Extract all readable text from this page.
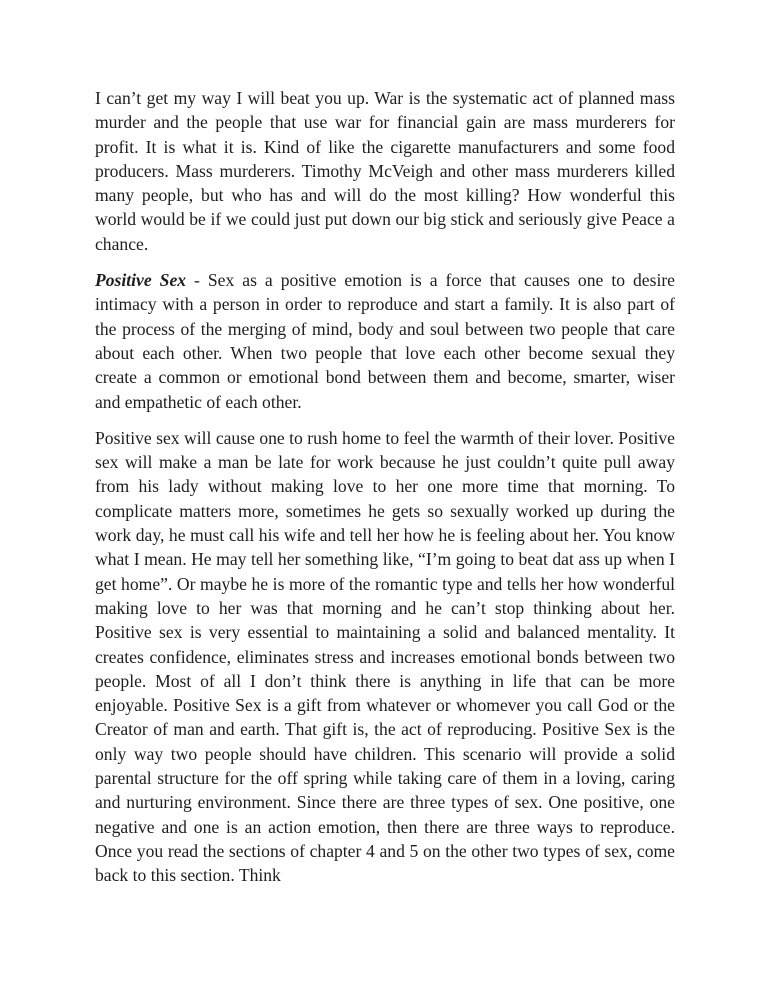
I can’t get my way I will beat you up. War is the systematic act of planned mass murder and the people that use war for financial gain are mass murderers for profit. It is what it is. Kind of like the cigarette manufacturers and some food producers. Mass murderers. Timothy McVeigh and other mass murderers killed many people, but who has and will do the most killing? How wonderful this world would be if we could just put down our big stick and seriously give Peace a chance.

Positive Sex - Sex as a positive emotion is a force that causes one to desire intimacy with a person in order to reproduce and start a family. It is also part of the process of the merging of mind, body and soul between two people that care about each other. When two people that love each other become sexual they create a common or emotional bond between them and become, smarter, wiser and empathetic of each other.

Positive sex will cause one to rush home to feel the warmth of their lover. Positive sex will make a man be late for work because he just couldn’t quite pull away from his lady without making love to her one more time that morning. To complicate matters more, sometimes he gets so sexually worked up during the work day, he must call his wife and tell her how he is feeling about her. You know what I mean. He may tell her something like, “I’m going to beat dat ass up when I get home”. Or maybe he is more of the romantic type and tells her how wonderful making love to her was that morning and he can’t stop thinking about her. Positive sex is very essential to maintaining a solid and balanced mentality. It creates confidence, eliminates stress and increases emotional bonds between two people. Most of all I don’t think there is anything in life that can be more enjoyable. Positive Sex is a gift from whatever or whomever you call God or the Creator of man and earth. That gift is, the act of reproducing. Positive Sex is the only way two people should have children. This scenario will provide a solid parental structure for the off spring while taking care of them in a loving, caring and nurturing environment. Since there are three types of sex. One positive, one negative and one is an action emotion, then there are three ways to reproduce. Once you read the sections of chapter 4 and 5 on the other two types of sex, come back to this section. Think
